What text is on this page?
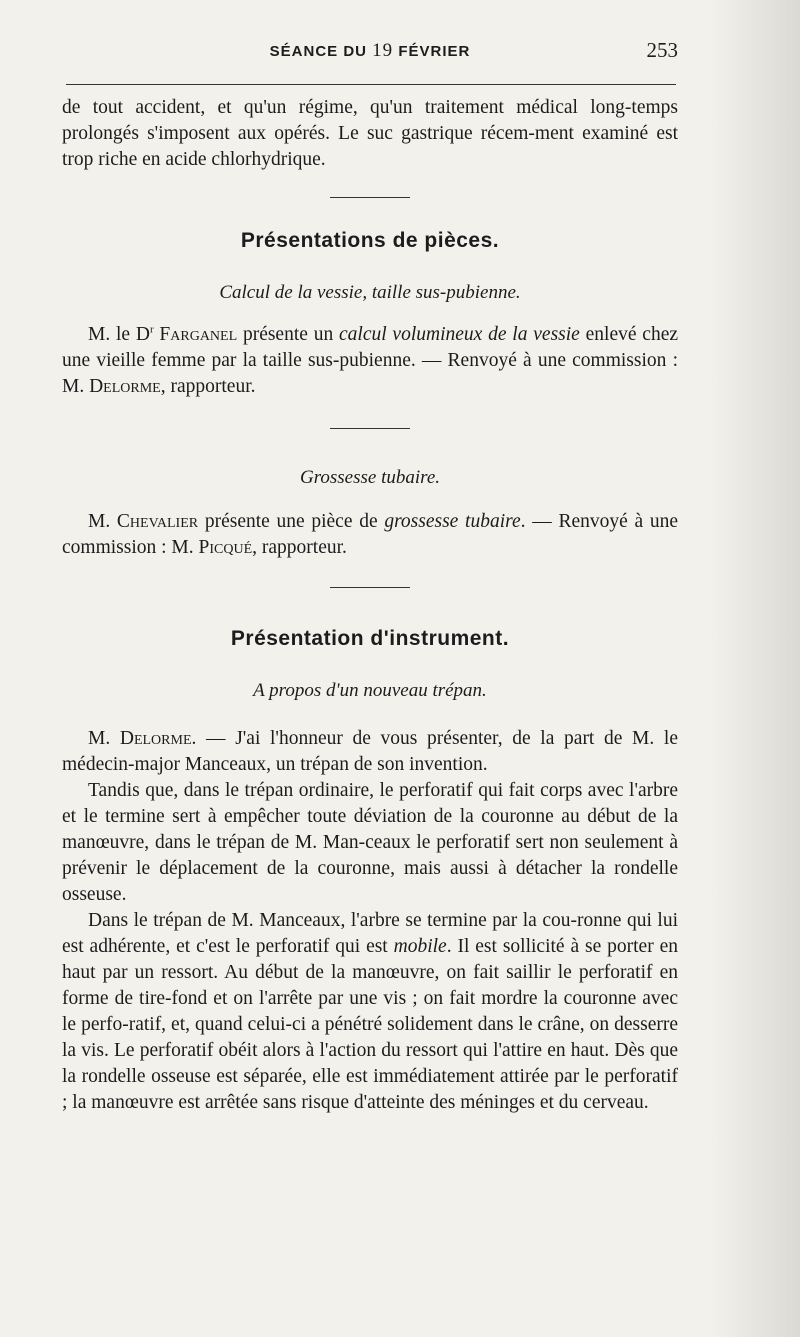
SÉANCE DU 19 FÉVRIER	253

de tout accident, et qu'un régime, qu'un traitement médical long-temps prolongés s'imposent aux opérés. Le suc gastrique récem-ment examiné est trop riche en acide chlorhydrique.

Présentations de pièces.
Calcul de la vessie, taille sus-pubienne.

M. le $D^r$ Farganel présente un calcul volumineux de la vessie enlevé chez une vieille femme par la taille sus-pubienne. — Renvoyé à une commission : M. Delorme, rapporteur.

Grossesse tubaire.

M. Chevalier présente une pièce de grossesse tubaire. — Renvoyé à une commission : M. Picqué, rapporteur.

Présentation d'instrument.
A propos d'un nouveau trépan.

M. Delorme. — J'ai l'honneur de vous présenter, de la part de M. le médecin-major Manceaux, un trépan de son invention.

Tandis que, dans le trépan ordinaire, le perforatif qui fait corps avec l'arbre et le termine sert à empêcher toute déviation de la couronne au début de la manœuvre, dans le trépan de M. Man-ceaux le perforatif sert non seulement à prévenir le déplacement de la couronne, mais aussi à détacher la rondelle osseuse.

Dans le trépan de M. Manceaux, l'arbre se termine par la cou-ronne qui lui est adhérente, et c'est le perforatif qui est mobile. Il est sollicité à se porter en haut par un ressort. Au début de la manœuvre, on fait saillir le perforatif en forme de tire-fond et on l'arrête par une vis ; on fait mordre la couronne avec le perfo-ratif, et, quand celui-ci a pénétré solidement dans le crâne, on desserre la vis. Le perforatif obéit alors à l'action du ressort qui l'attire en haut. Dès que la rondelle osseuse est séparée, elle est immédiatement attirée par le perforatif ; la manœuvre est arrêtée sans risque d'atteinte des méninges et du cerveau.
